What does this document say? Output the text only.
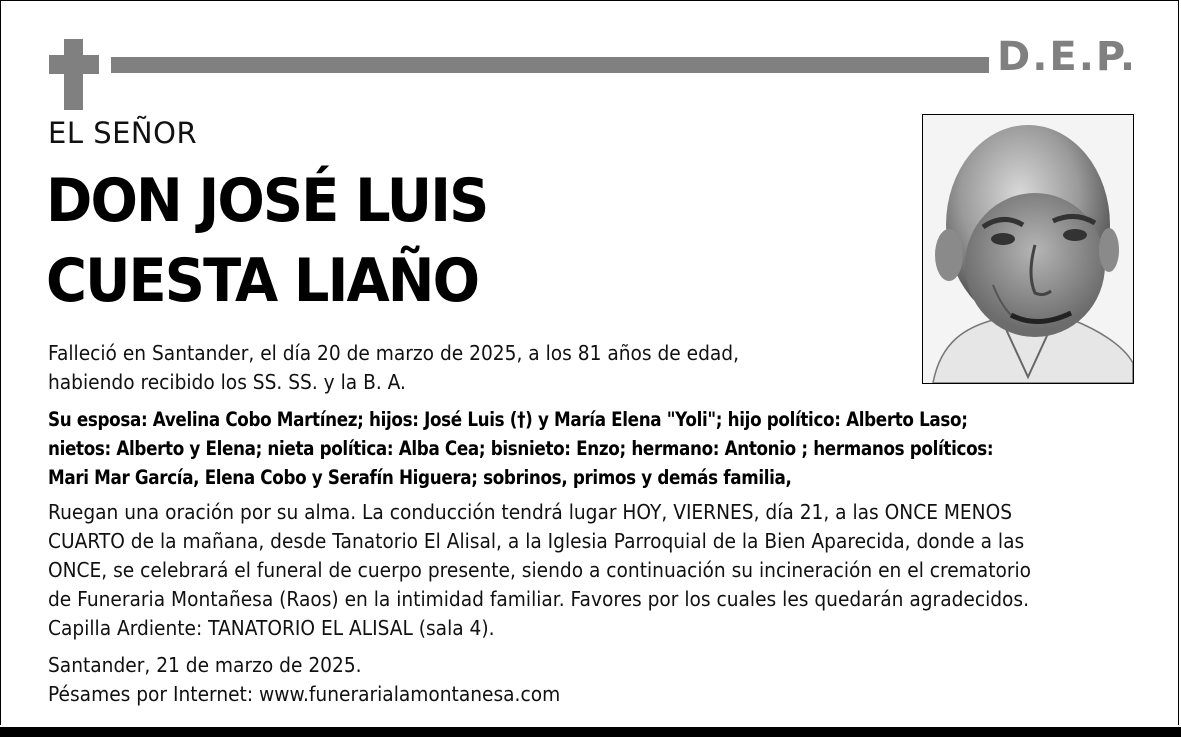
D.E.P.
EL SEÑOR
DON JOSÉ LUIS
CUESTA LIAÑO
Falleció en Santander, el día 20 de marzo de 2025, a los 81 años de edad,
habiendo recibido los SS. SS. y la B. A.
Su esposa: Avelina Cobo Martínez; hijos: José Luis (†) y María Elena "Yoli"; hijo político: Alberto Laso;
nietos: Alberto y Elena; nieta política: Alba Cea; bisnieto: Enzo; hermano: Antonio ; hermanos políticos:
Mari Mar García, Elena Cobo y Serafín Higuera; sobrinos, primos y demás familia,
Ruegan una oración por su alma. La conducción tendrá lugar HOY, VIERNES, día 21, a las ONCE MENOS
CUARTO de la mañana, desde Tanatorio El Alisal, a la Iglesia Parroquial de la Bien Aparecida, donde a las
ONCE, se celebrará el funeral de cuerpo presente, siendo a continuación su incineración en el crematorio
de Funeraria Montañesa (Raos) en la intimidad familiar. Favores por los cuales les quedarán agradecidos.
Capilla Ardiente: TANATORIO EL ALISAL (sala 4).
Santander, 21 de marzo de 2025.
Pésames por Internet: www.funerarialamontanesa.com
